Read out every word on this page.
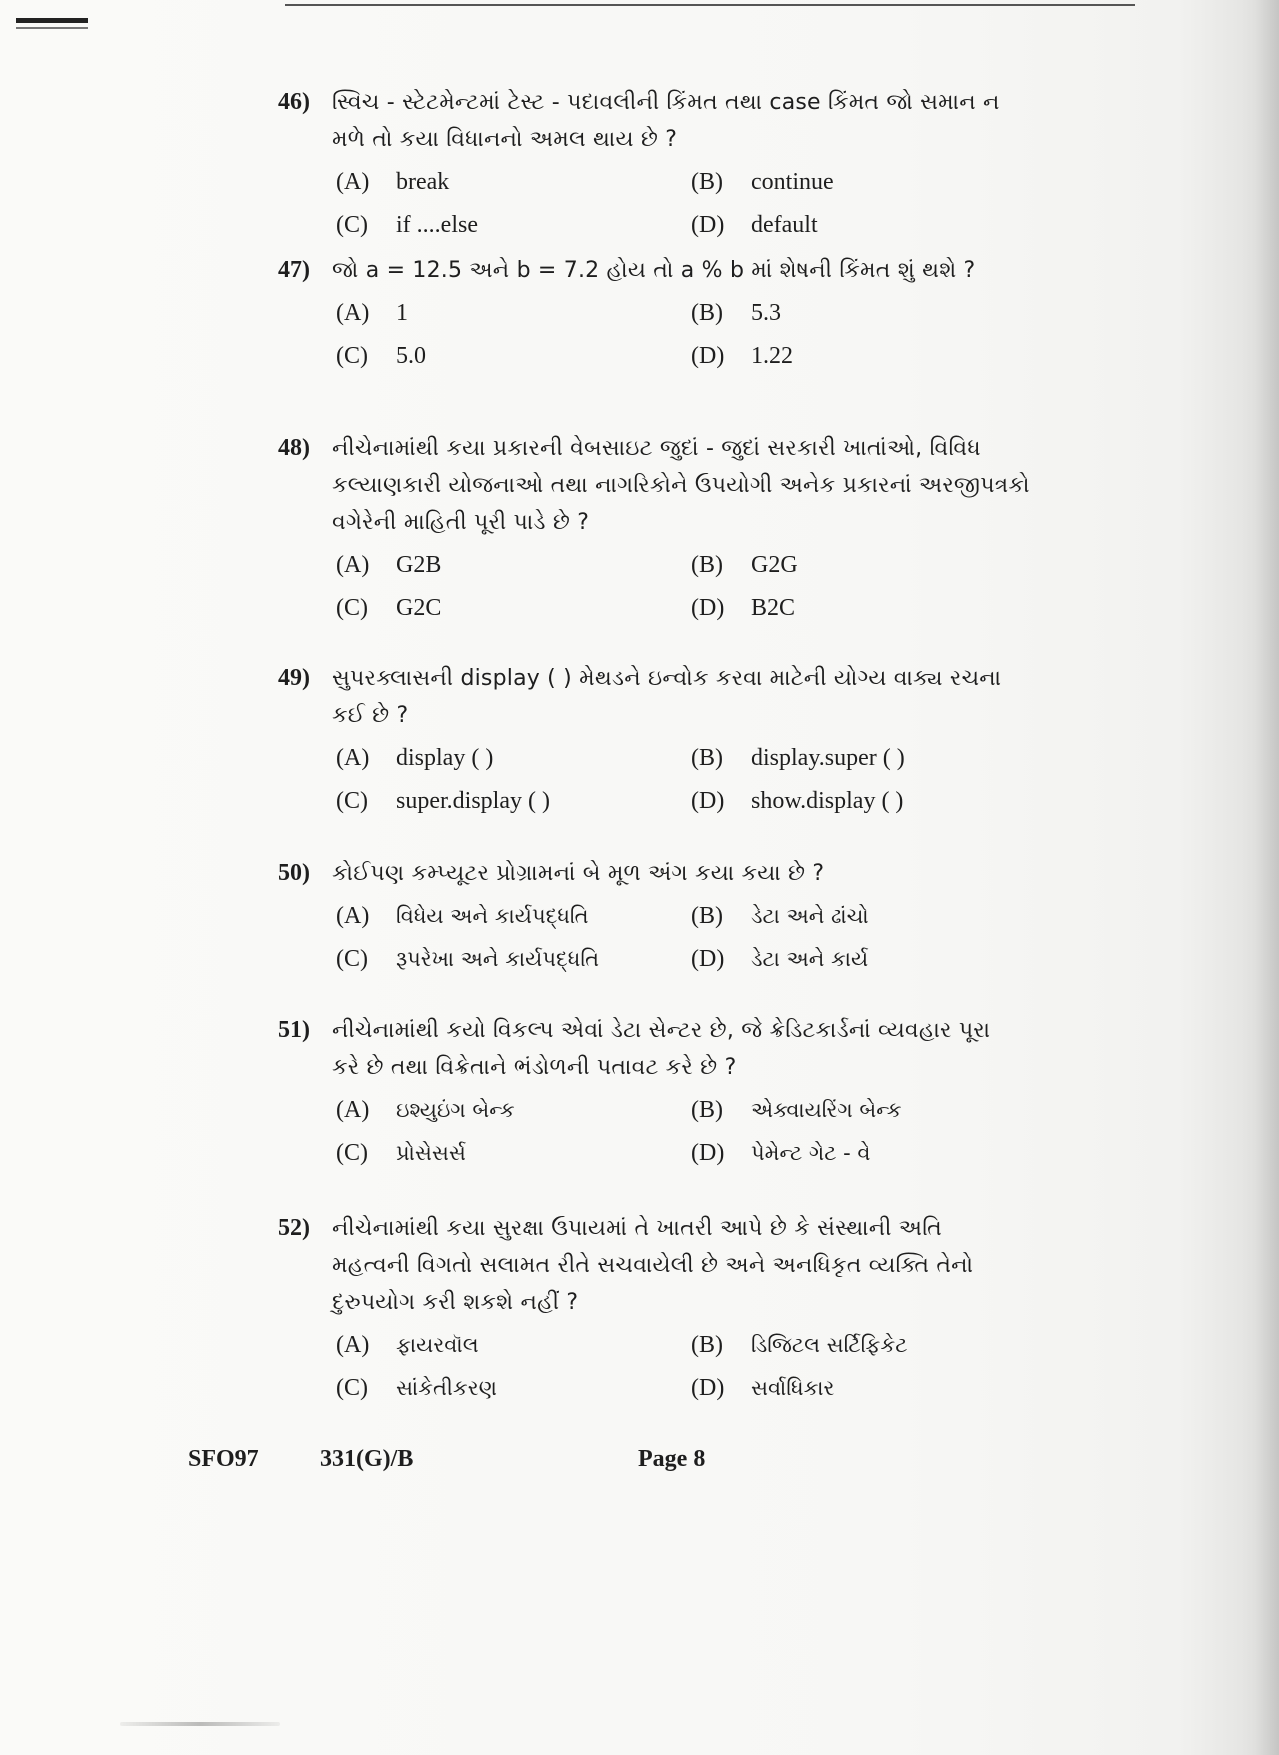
46)	સ્વિચ - સ્ટેટમેન્ટમાં ટેસ્ટ - પદાવલીની કિંમત તથા case કિંમત જો સમાન ન
મળે તો કયા વિધાનનો અમલ થાય છે ?
(A)	break	(B)	continue
(C)	if ....else	(D)	default
47)	જો a = 12.5 અને b = 7.2 હોય તો a % b માં શેષની કિંમત શું થશે ?
(A)	1	(B)	5.3
(C)	5.0	(D)	1.22
48)	નીચેનામાંથી કયા પ્રકારની વેબસાઇટ જુદાં - જુદાં સરકારી ખાતાંઓ, વિવિધ
કલ્યાણકારી યોજનાઓ તથા નાગરિકોને ઉપયોગી અનેક પ્રકારનાં અરજીપત્રકો
વગેરેની માહિતી પૂરી પાડે છે ?
(A)	G2B	(B)	G2G
(C)	G2C	(D)	B2C
49)	સુપરક્લાસની display ( ) મેથડને ઇન્વોક કરવા માટેની યોગ્ય વાક્ય રચના
કઈ છે ?
(A)	display ( )	(B)	display.super ( )
(C)	super.display ( )	(D)	show.display ( )
50)	કોઈપણ કમ્પ્યૂટર પ્રોગ્રામનાં બે મૂળ અંગ કયા કયા છે ?
(A)	વિધેય અને કાર્યપદ્ધતિ	(B)	ડેટા અને ઢાંચો
(C)	રૂપરેખા અને કાર્યપદ્ધતિ	(D)	ડેટા અને કાર્ય
51)	નીચેનામાંથી કયો વિકલ્પ એવાં ડેટા સેન્ટર છે, જે ક્રેડિટકાર્ડનાં વ્યવહાર પૂરા
કરે છે તથા વિક્રેતાને ભંડોળની પતાવટ કરે છે ?
(A)	ઇશ્યુઇંગ બેન્ક	(B)	એક્વાયરિંગ બેન્ક
(C)	પ્રોસેસર્સ	(D)	પેમેન્ટ ગેટ - વે
52)	નીચેનામાંથી કયા સુરક્ષા ઉપાયમાં તે ખાતરી આપે છે કે સંસ્થાની અતિ
મહત્વની વિગતો સલામત રીતે સચવાયેલી છે અને અનધિકૃત વ્યક્તિ તેનો
દુરુપયોગ કરી શકશે નહીં ?
(A)	ફાયરવૉલ	(B)	ડિજિટલ સર્ટિફિકેટ
(C)	સાંકેતીકરણ	(D)	સર્વાધિકાર
SFO97	331(G)/B	Page 8
